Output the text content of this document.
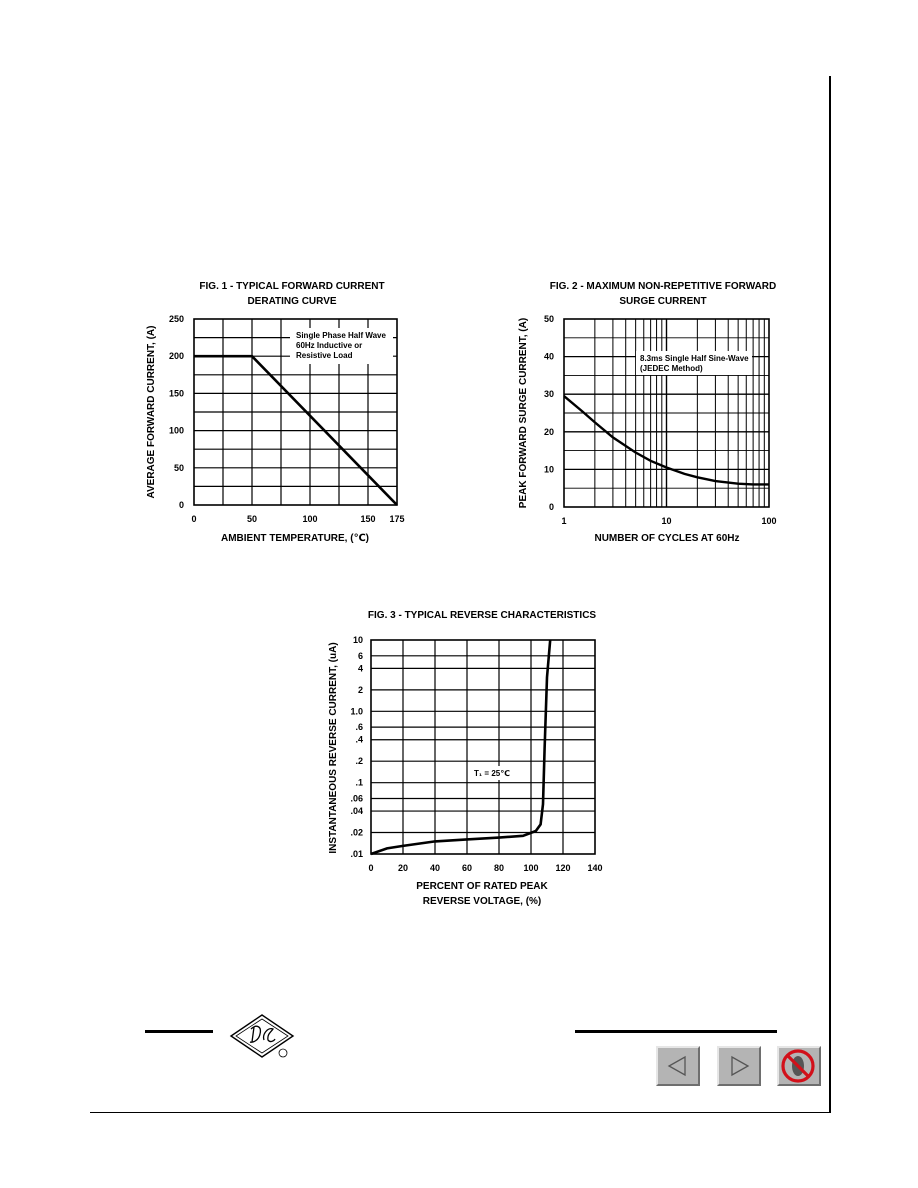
FIG. 1 - TYPICAL FORWARD CURRENT
DERATING CURVE
FIG. 2 - MAXIMUM NON-REPETITIVE FORWARD
SURGE CURRENT
FIG. 3 - TYPICAL REVERSE CHARACTERISTICS
0	50	100	150 175
250
200
150
100
50
0
Single Phase Half Wave
60Hz Inductive or
Resistive Load
AVERAGE FORWARD CURRENT, (A)
AMBIENT TEMPERATURE, (℃)
1	10	100
50
40
30
20
10
0
8.3ms Single Half Sine-Wave
(JEDEC Method)
PEAK FORWARD SURGE CURRENT, (A)
NUMBER OF CYCLES AT 60Hz
0	20 40 60 80 100 120 140
10
6
4
2
1.0
.6
.4
.2
.1
.06
.04
.02
.01
T₁ = 25℃
INSTANTANEOUS REVERSE CURRENT, (uA)
PERCENT OF RATED PEAK
REVERSE VOLTAGE, (%)
